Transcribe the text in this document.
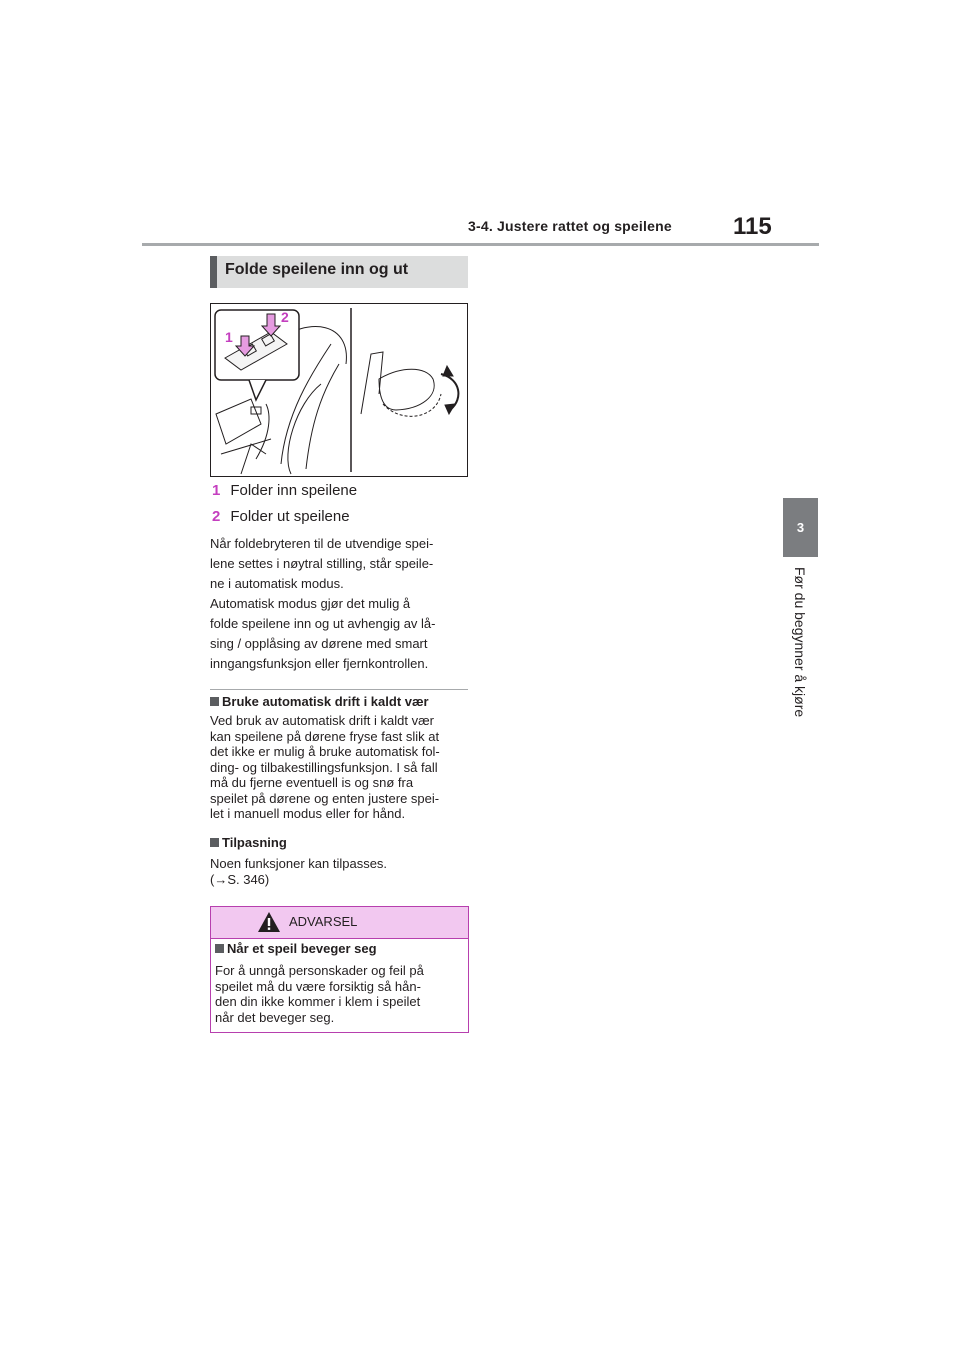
3-4. Justere rattet og speilene	115
3
Før du begynner å kjøre
Folde speilene inn og ut
1
2
1 Folder inn speilene
2 Folder ut speilene
Når foldebryteren til de utvendige spei-
lene settes i nøytral stilling, står speile-
ne i automatisk modus.
Automatisk modus gjør det mulig å
folde speilene inn og ut avhengig av lå-
sing / opplåsing av dørene med smart
inngangsfunksjon eller fjernkontrollen.
Bruke automatisk drift i kaldt vær
Ved bruk av automatisk drift i kaldt vær
kan speilene på dørene fryse fast slik at
det ikke er mulig å bruke automatisk fol-
ding- og tilbakestillingsfunksjon. I så fall
må du fjerne eventuell is og snø fra
speilet på dørene og enten justere spei-
let i manuell modus eller for hånd.
Tilpasning
Noen funksjoner kan tilpasses.
(→S. 346)
ADVARSEL
Når et speil beveger seg
For å unngå personskader og feil på
speilet må du være forsiktig så hån-
den din ikke kommer i klem i speilet
når det beveger seg.
